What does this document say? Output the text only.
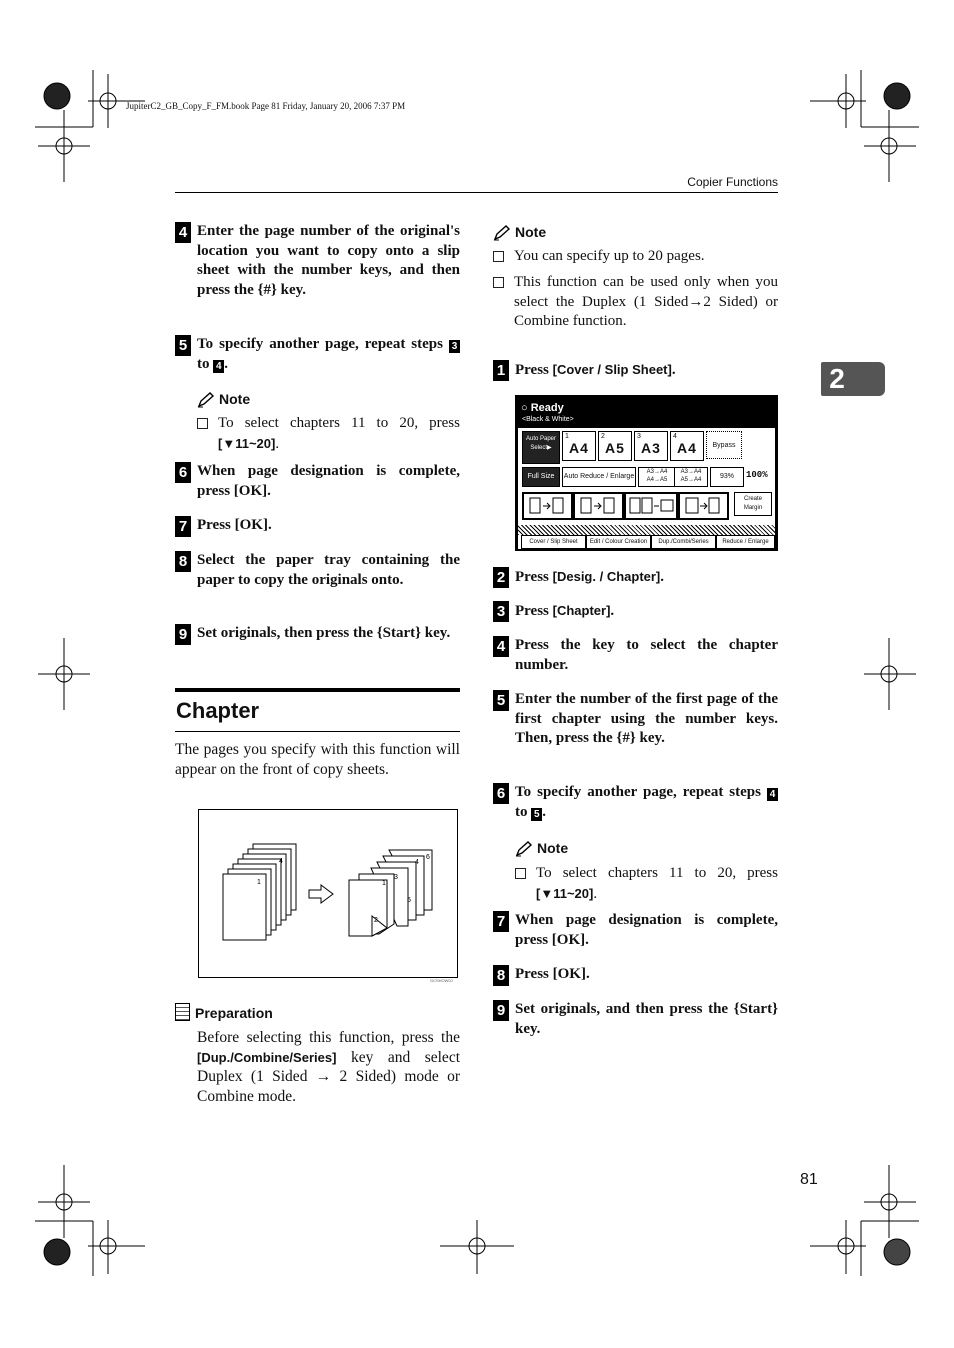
JupiterC2_GB_Copy_F_FM.book Page 81 Friday, January 20, 2006 7:37 PM
Copier Functions
2
4 Enter the page number of the original's location you want to copy onto a slip sheet with the number keys, and then press the {#} key.
5 To specify another page, repeat steps 3 to 4 .
Note
To select chapters 11 to 20, press [▼11~20].
6 When page designation is complete, press [OK].
7 Press [OK].
8 Select the paper tray containing the paper to copy the originals onto.
9 Set originals, then press the {Start} key.
Chapter
The pages you specify with this function will appear on the front of copy sheets.
4
1
4
6
1
3
5
2
GCSHOW0J
Preparation
Before selecting this function, press the [Dup./Combine/Series] key and select Duplex (1 Sided → 2 Sided) mode or Combine mode.
Note
You can specify up to 20 pages.
This function can be used only when you select the Duplex (1 Sided→2 Sided) or Combine function.
1 Press [Cover / Slip Sheet].
○ Ready
<Black & White>
Auto Paper Select▶
1
A4
2
A5
3
A3
4
A4	Bypass
Full Size	Auto Reduce / Enlarge
A3→A4 A4→A5
A3→A4 A5→A4	93%	100%
Create Margin
Cover / Slip Sheet	Edit / Colour Creation	Dup./Combi/Series	Reduce / Enlarge
2 Press [Desig. / Chapter].
3 Press [Chapter].
4 Press the key to select the chapter number.
5 Enter the number of the first page of the first chapter using the number keys. Then, press the {#} key.
6 To specify another page, repeat steps 4 to 5 .
Note
To select chapters 11 to 20, press [▼11~20].
7 When page designation is complete, press [OK].
8 Press [OK].
9 Set originals, and then press the {Start} key.
81
